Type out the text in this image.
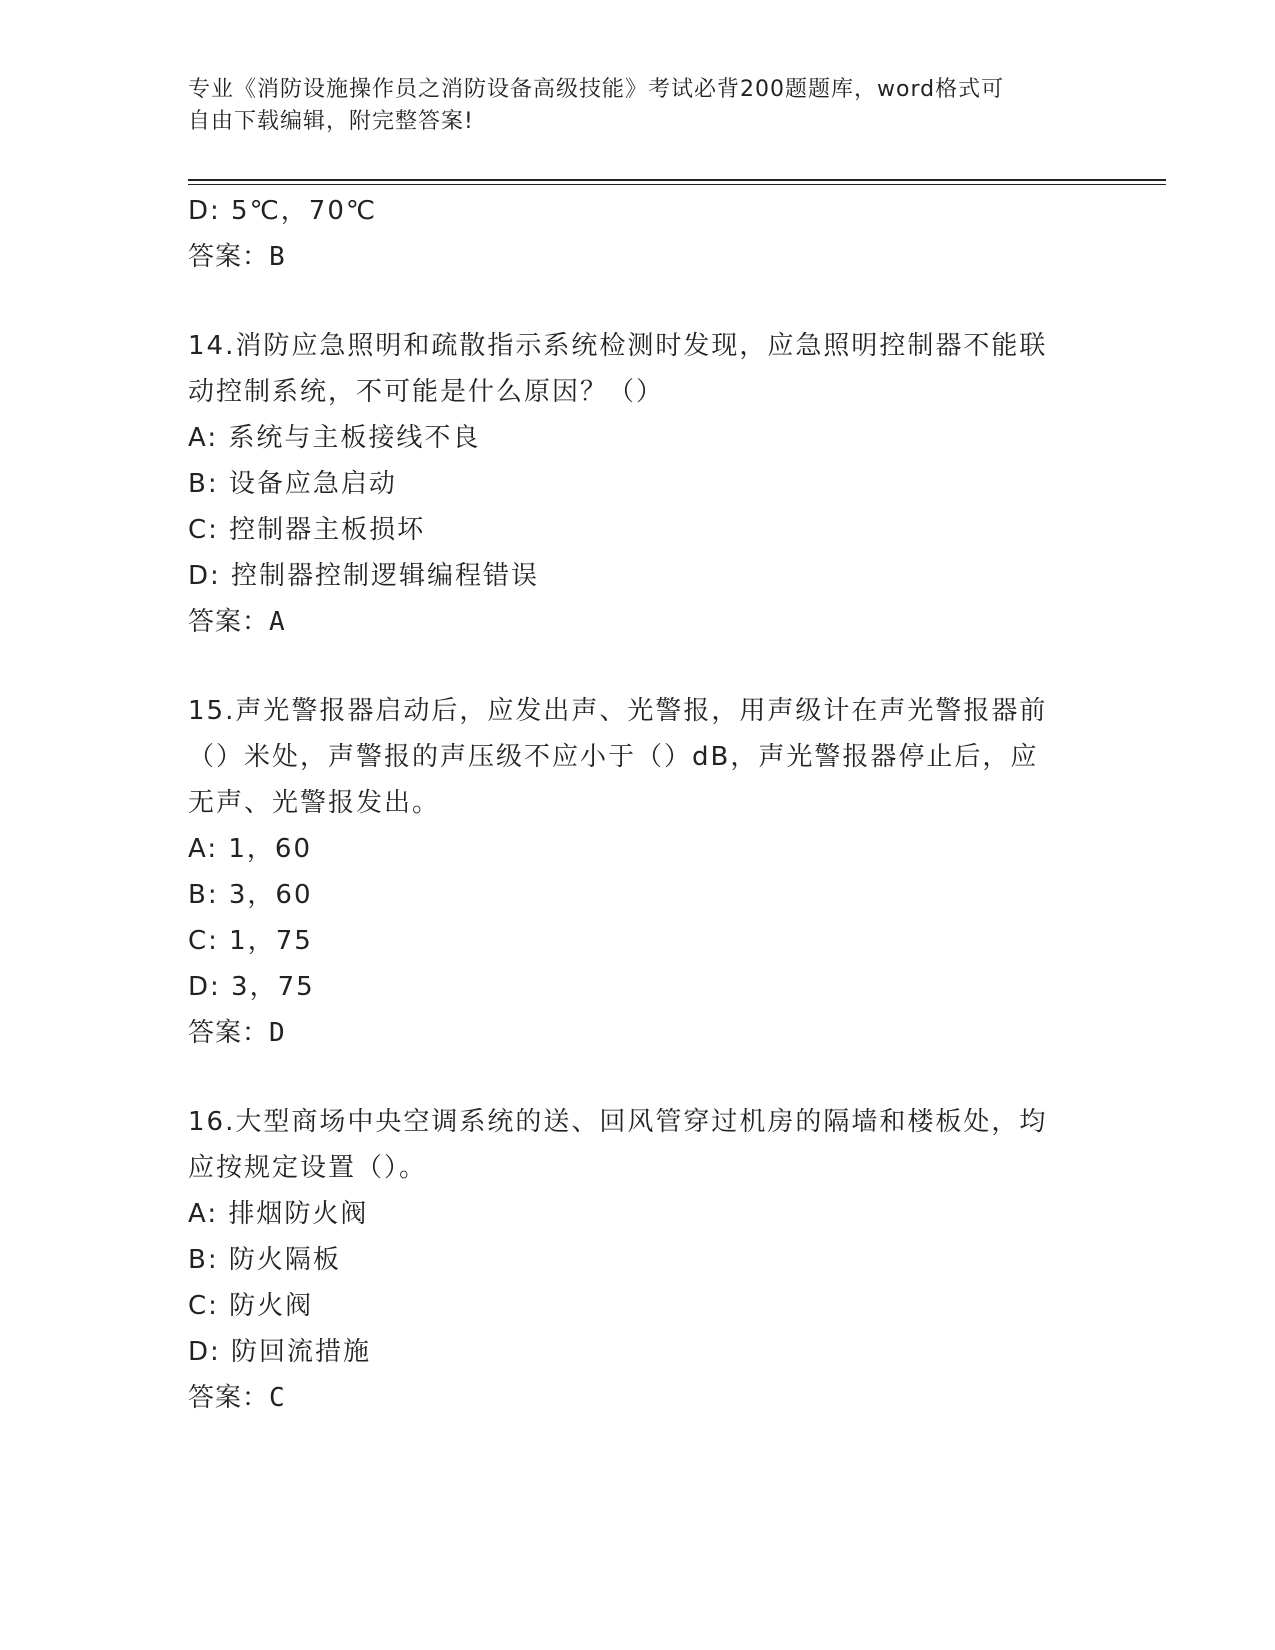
专业《消防设施操作员之消防设备高级技能》考试必背200题题库，word格式可
自由下载编辑，附完整答案!
D: 5℃，70℃
答案：B
14.消防应急照明和疏散指示系统检测时发现，应急照明控制器不能联
动控制系统，不可能是什么原因？（）
A: 系统与主板接线不良
B: 设备应急启动
C: 控制器主板损坏
D: 控制器控制逻辑编程错误
答案：A
15.声光警报器启动后，应发出声、光警报，用声级计在声光警报器前
（）米处，声警报的声压级不应小于（）dB，声光警报器停止后，应
无声、光警报发出。
A: 1，60
B: 3，60
C: 1，75
D: 3，75
答案：D
16.大型商场中央空调系统的送、回风管穿过机房的隔墙和楼板处，均
应按规定设置（）。
A: 排烟防火阀
B: 防火隔板
C: 防火阀
D: 防回流措施
答案：C
